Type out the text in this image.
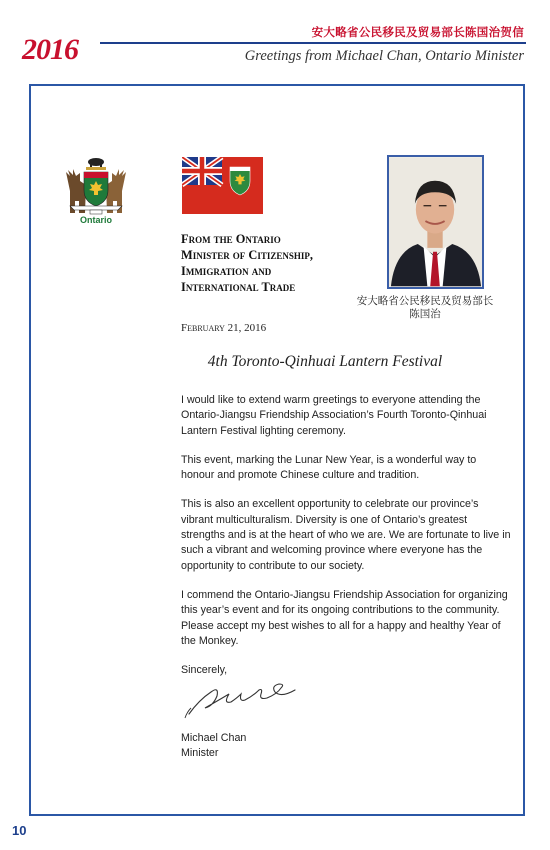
2016
安大略省公民移民及贸易部长陈国治贺信
Greetings from Michael Chan, Ontario Minister
Ontario
From the Ontario
Minister of Citizenship,
Immigration and
International Trade
安大略省公民移民及贸易部长
陈国治
February 21, 2016
4th Toronto-Qinhuai Lantern Festival

I would like to extend warm greetings to everyone attending the Ontario-Jiangsu Friendship Association’s Fourth Toronto-Qinhuai Lantern Festival lighting ceremony.

This event, marking the Lunar New Year, is a wonderful way to honour and promote Chinese culture and tradition.

This is also an excellent opportunity to celebrate our province’s vibrant multiculturalism. Diversity is one of Ontario’s greatest strengths and is at the heart of who we are. We are fortunate to live in such a vibrant and welcoming province where everyone has the opportunity to contribute to our society.

I commend the Ontario-Jiangsu Friendship Association for organizing this year’s event and for its ongoing contributions to the community. Please accept my best wishes to all for a happy and healthy Year of the Monkey.

Sincerely,

Michael Chan
Minister
10
